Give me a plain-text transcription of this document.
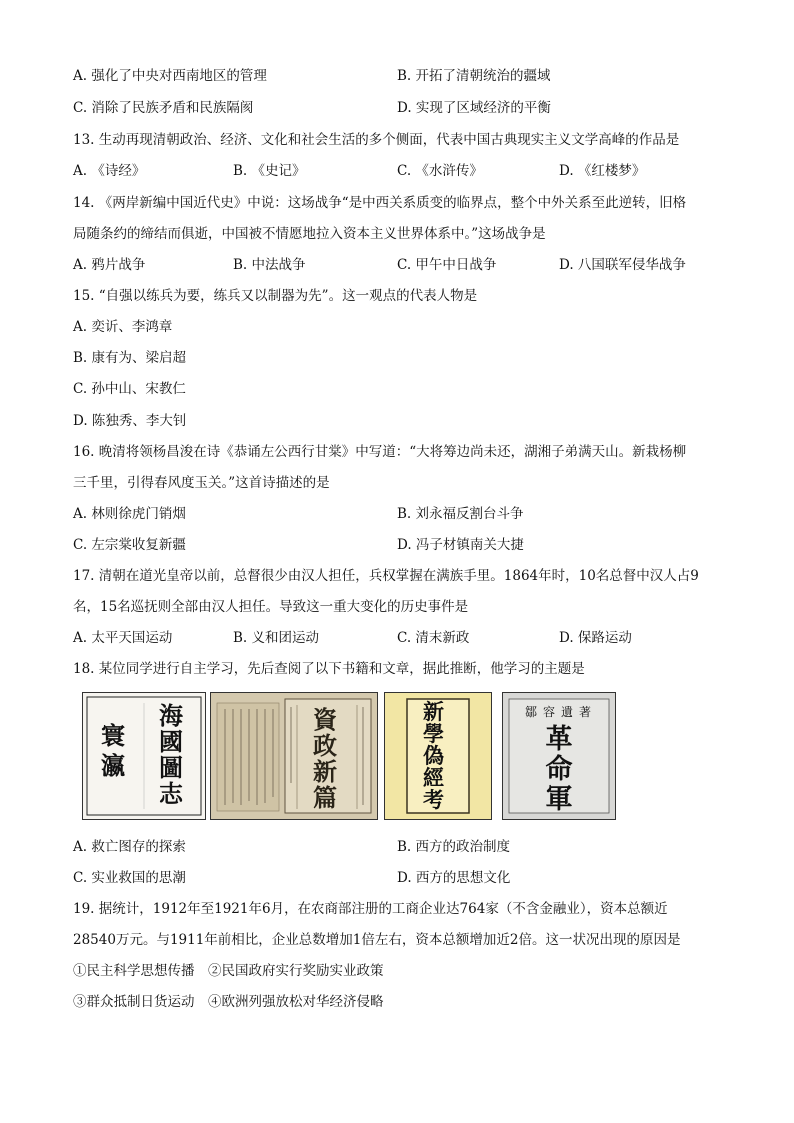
A. 强化了中央对西南地区的管理	B. 开拓了清朝统治的疆域
C. 消除了民族矛盾和民族隔阂	D. 实现了区域经济的平衡
13. 生动再现清朝政治、经济、文化和社会生活的多个侧面，代表中国古典现实主义文学高峰的作品是
A. 《诗经》	B. 《史记》	C. 《水浒传》	D. 《红楼梦》
14. 《两岸新编中国近代史》中说：这场战争“是中西关系质变的临界点，整个中外关系至此逆转，旧格
局随条约的缔结而俱逝，中国被不情愿地拉入资本主义世界体系中。”这场战争是
A. 鸦片战争	B. 中法战争	C. 甲午中日战争	D. 八国联军侵华战争
15. “自强以练兵为要，练兵又以制器为先”。这一观点的代表人物是
A. 奕䜣、李鸿章
B. 康有为、梁启超
C. 孙中山、宋教仁
D. 陈独秀、李大钊
16. 晚清将领杨昌浚在诗《恭诵左公西行甘棠》中写道：“大将筹边尚未还，湖湘子弟满天山。新栽杨柳
三千里，引得春风度玉关。”这首诗描述的是
A. 林则徐虎门销烟	B. 刘永福反割台斗争
C. 左宗棠收复新疆	D. 冯子材镇南关大捷
17. 清朝在道光皇帝以前，总督很少由汉人担任，兵权掌握在满族手里。1864年时，10名总督中汉人占9
名，15名巡抚则全部由汉人担任。导致这一重大变化的历史事件是
A. 太平天国运动	B. 义和团运动	C. 清末新政	D. 保路运动
18. 某位同学进行自主学习，先后查阅了以下书籍和文章，据此推断，他学习的主题是
海國圖志
寰瀛
資政新篇
新學偽經考
鄒容遺著
革命軍
A. 救亡图存的探索	B. 西方的政治制度
C. 实业救国的思潮	D. 西方的思想文化
19. 据统计，1912年至1921年6月，在农商部注册的工商企业达764家（不含金融业），资本总额近
28540万元。与1911年前相比，企业总数增加1倍左右，资本总额增加近2倍。这一状况出现的原因是
①民主科学思想传播　②民国政府实行奖励实业政策
③群众抵制日货运动　④欧洲列强放松对华经济侵略
